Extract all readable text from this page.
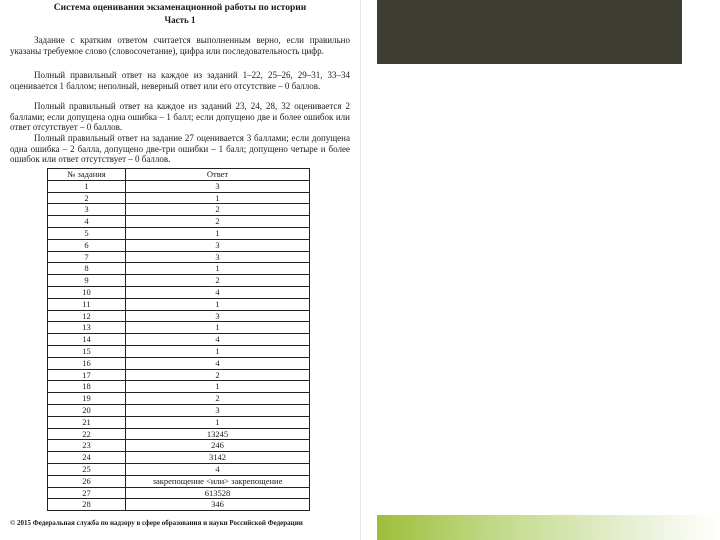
Система оценивания экзаменационной работы по истории
Часть 1

Задание с кратким ответом считается выполненным верно, если правильно указаны требуемое слово (словосочетание), цифра или последовательность цифр.

Полный правильный ответ на каждое из заданий 1–22, 25–26, 29–31, 33–34 оценивается 1 баллом; неполный, неверный ответ или его отсутствие – 0 баллов.

Полный правильный ответ на каждое из заданий 23, 24, 28, 32 оценивается 2 баллами; если допущена одна ошибка – 1 балл; если допущено две и более ошибок или ответ отсутствует – 0 баллов.

Полный правильный ответ на задание 27 оценивается 3 баллами; если допущена одна ошибка – 2 балла, допущено две-три ошибки – 1 балл; допущено четыре и более ошибок или ответ отсутствует – 0 баллов.

№ задания	Ответ
1	3
2	1
3	2
4	2
5	1
6	3
7	3
8	1
9	2
10	4
11	1
12	3
13	1
14	4
15	1
16	4
17	2
18	1
19	2
20	3
21	1
22	13245
23	246
24	3142
25	4
26	закрепощение <или> закрепощение
27	613528
28	346
© 2015 Федеральная служба по надзору в сфере образования и науки Российской Федерации
